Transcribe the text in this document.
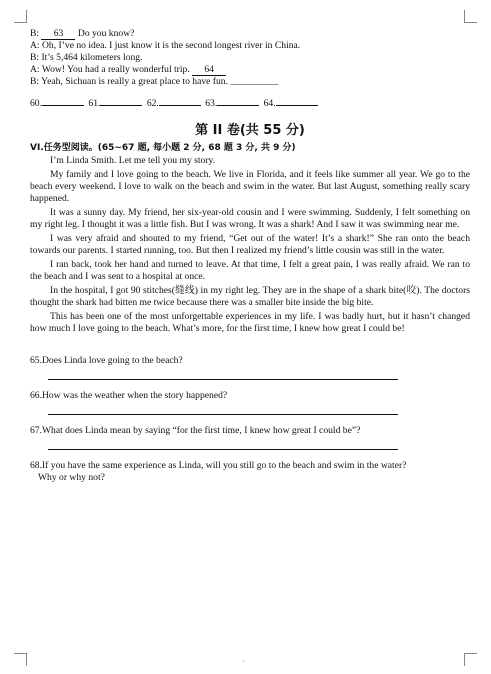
B: 63 Do you know?
A: Oh, I’ve no idea. I just know it is the second longest river in China.
B: It’s 5,464 kilometers long.
A: Wow! You had a really wonderful trip. 64
B: Yeah, Sichuan is really a great place to have fun. __________
60.	61.	62.	63.	64.
第 II 卷(共 55 分)
VI.任务型阅读。(65~67 题, 每小题 2 分, 68 题 3 分, 共 9 分)
I’m Linda Smith. Let me tell you my story.
My family and I love going to the beach. We live in Florida, and it feels like summer all year. We go to the beach every weekend. I love to walk on the beach and swim in the water. But last August, something really scary happened.
It was a sunny day. My friend, her six-year-old cousin and I were swimming. Suddenly, I felt something on my right leg. I thought it was a little fish. But I was wrong. It was a shark! And I saw it was swimming near me.
I was very afraid and shouted to my friend, “Get out of the water! It’s a shark!” She ran onto the beach towards our parents. I started running, too. But then I realized my friend’s little cousin was still in the water.
I ran back, took her hand and turned to leave. At that time, I felt a great pain, I was really afraid. We ran to the beach and I was sent to a hospital at once.
In the hospital, I got 90 stitches(缝线) in my right leg. They are in the shape of a shark bite(咬). The doctors thought the shark had bitten me twice because there was a smaller bite inside the big bite.
This has been one of the most unforgettable experiences in my life. I was badly hurt, but it hasn’t changed how much I love going to the beach. What’s more, for the first time, I knew how great I could be!
65.Does Linda love going to the beach?
66.How was the weather when the story happened?
67.What does Linda mean by saying “for the first time, I knew how great I could be”?
68.If you have the same experience as Linda, will you still go to the beach and swim in the water?
Why or why not?
·
